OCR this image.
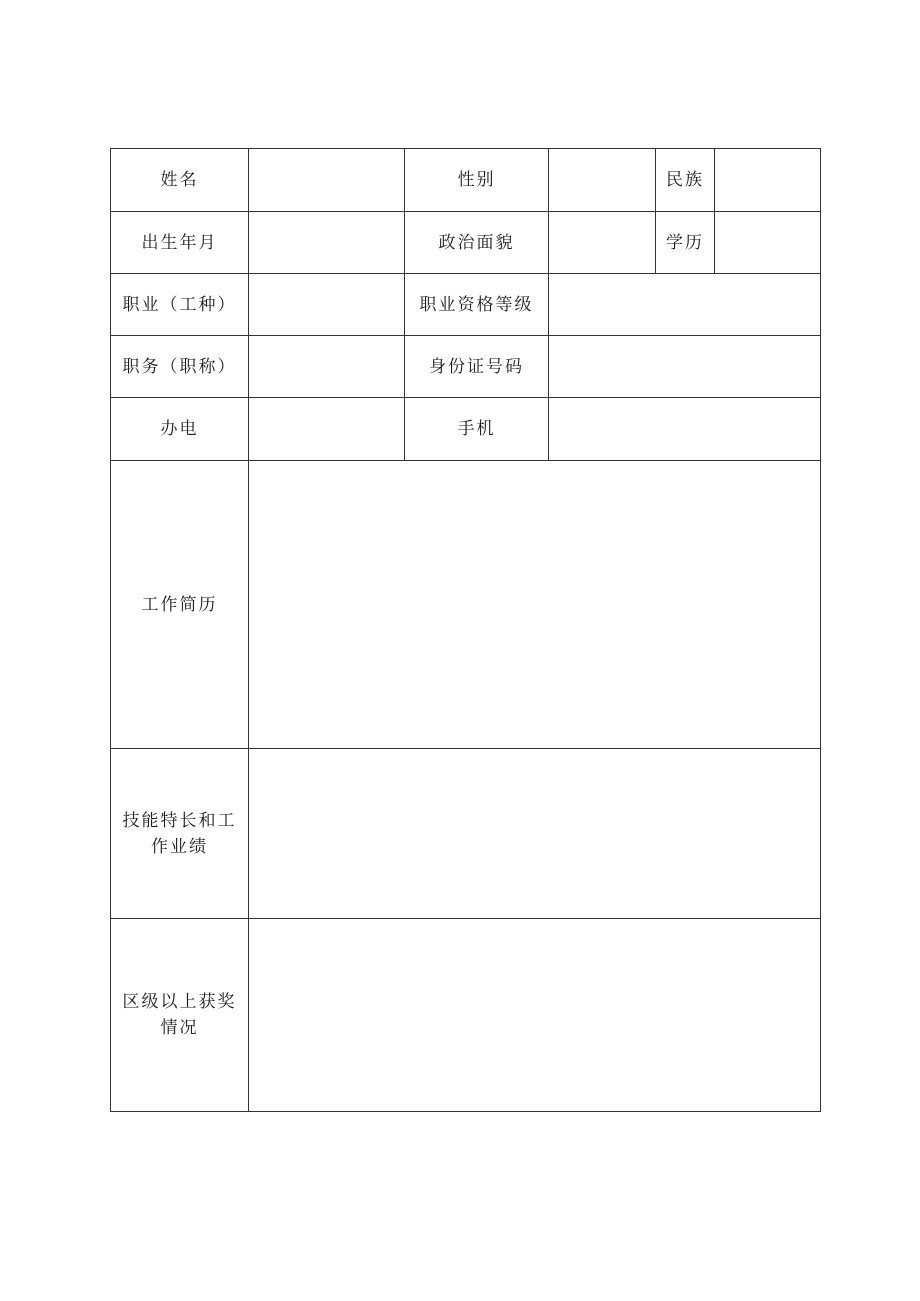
姓名	性别	民族
出生年月	政治面貌	学历
职业（工种）	职业资格等级
职务（职称）	身份证号码
办电	手机
工作简历
技能特长和工作业绩
区级以上获奖情况
